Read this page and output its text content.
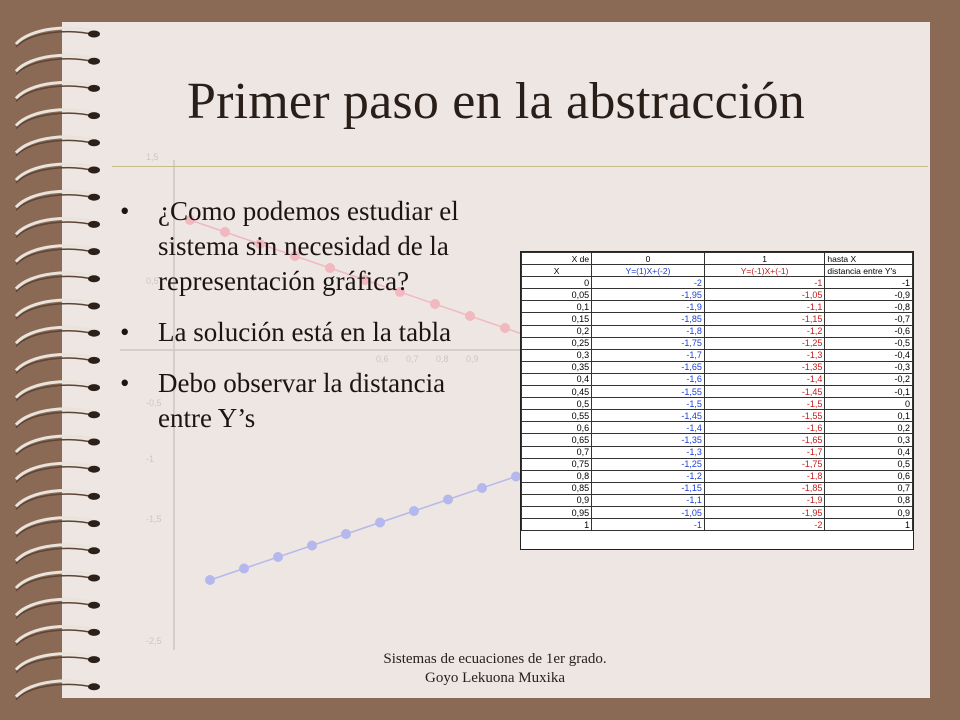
1,5
0,5
-0,5
-1
-1,5
-2,5
0,6 0,7 0,8 0,9
Primer paso en la abstracción
• ¿Como podemos estudiar el sistema sin necesidad de la representación gráfica?
• La solución está en la tabla
• Debo observar la distancia entre Y’s
X de	0	1	hasta X
X	Y=(1)X+(-2)	Y=(-1)X+(-1)	distancia entre Y's
0	-2	-1	-1
0,05	-1,95	-1,05	-0,9
0,1	-1,9	-1,1	-0,8
0,15	-1,85	-1,15	-0,7
0,2	-1,8	-1,2	-0,6
0,25	-1,75	-1,25	-0,5
0,3	-1,7	-1,3	-0,4
0,35	-1,65	-1,35	-0,3
0,4	-1,6	-1,4	-0,2
0,45	-1,55	-1,45	-0,1
0,5	-1,5	-1,5	0
0,55	-1,45	-1,55	0,1
0,6	-1,4	-1,6	0,2
0,65	-1,35	-1,65	0,3
0,7	-1,3	-1,7	0,4
0,75	-1,25	-1,75	0,5
0,8	-1,2	-1,8	0,6
0,85	-1,15	-1,85	0,7
0,9	-1,1	-1,9	0,8
0,95	-1,05	-1,95	0,9
1	-1	-2	1
Sistemas de ecuaciones de 1er grado.
Goyo Lekuona Muxika
